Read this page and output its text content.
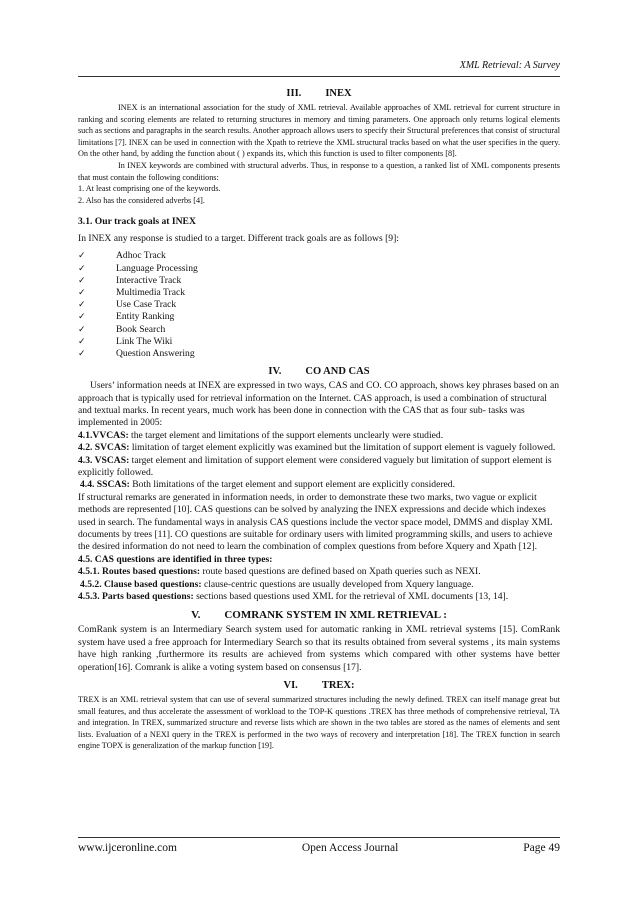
XML Retrieval: A Survey
III. INEX

INEX is an international association for the study of XML retrieval. Available approaches of XML retrieval for current structure in ranking and scoring elements are related to returning structures in memory and timing parameters. One approach only returns logical elements such as sections and paragraphs in the search results. Another approach allows users to specify their Structural preferences that consist of structural limitations [7]. INEX can be used in connection with the Xpath to retrieve the XML structural tracks based on what the user specifies in the query. On the other hand, by adding the function about ( ) expands its, which this function is used to filter components [8].

In INEX keywords are combined with structural adverbs. Thus, in response to a question, a ranked list of XML components presents that must contain the following conditions:

1. At least comprising one of the keywords.

2. Also has the considered adverbs [4].

3.1. Our track goals at INEX

In INEX any response is studied to a target. Different track goals are as follows [9]:

✓	Adhoc Track
✓	Language Processing
✓	Interactive Track
✓	Multimedia Track
✓	Use Case Track
✓	Entity Ranking
✓	Book Search
✓	Link The Wiki
✓	Question Answering
IV. CO AND CAS

Users’ information needs at INEX are expressed in two ways, CAS and CO. CO approach, shows key phrases based on an approach that is typically used for retrieval information on the Internet. CAS approach, is used a combination of structural and textual marks. In recent years, much work has been done in connection with the CAS that as four sub- tasks was implemented in 2005:

4.1.VVCAS: the target element and limitations of the support elements unclearly were studied.

4.2. SVCAS: limitation of target element explicitly was examined but the limitation of support element is vaguely followed.

4.3. VSCAS: target element and limitation of support element were considered vaguely but limitation of support element is explicitly followed.

4.4. SSCAS: Both limitations of the target element and support element are explicitly considered.

If structural remarks are generated in information needs, in order to demonstrate these two marks, two vague or explicit methods are represented [10]. CAS questions can be solved by analyzing the INEX expressions and decide which indexes used in search. The fundamental ways in analysis CAS questions include the vector space model, DMMS and display XML documents by trees [11]. CO questions are suitable for ordinary users with limited programming skills, and users to achieve the desired information do not need to learn the combination of complex questions from before Xquery and Xpath [12].

4.5. CAS questions are identified in three types:

4.5.1. Routes based questions: route based questions are defined based on Xpath queries such as NEXI.

4.5.2. Clause based questions: clause-centric questions are usually developed from Xquery language.

4.5.3. Parts based questions: sections based questions used XML for the retrieval of XML documents [13, 14].

V. COMRANK SYSTEM IN XML RETRIEVAL :

ComRank system is an Intermediary Search system used for automatic ranking in XML retrieval systems [15]. ComRank system have used a free approach for Intermediary Search so that its results obtained from several systems , its main systems have high ranking ,furthermore its results are achieved from systems which compared with other systems have better operation[16]. Comrank is alike a voting system based on consensus [17].

VI. TREX:

TREX is an XML retrieval system that can use of several summarized structures including the newly defined. TREX can itself manage great but small features, and thus accelerate the assessment of workload to the TOP-K questions .TREX has three methods of comprehensive retrieval, TA and integration. In TREX, summarized structure and reverse lists which are shown in the two tables are stored as the names of elements and sent lists. Evaluation of a NEXI query in the TREX is performed in the two ways of recovery and interpretation [18]. The TREX function in search engine TOPX is generalization of the markup function [19].

www.ijceronline.com	Open Access Journal	Page 49
